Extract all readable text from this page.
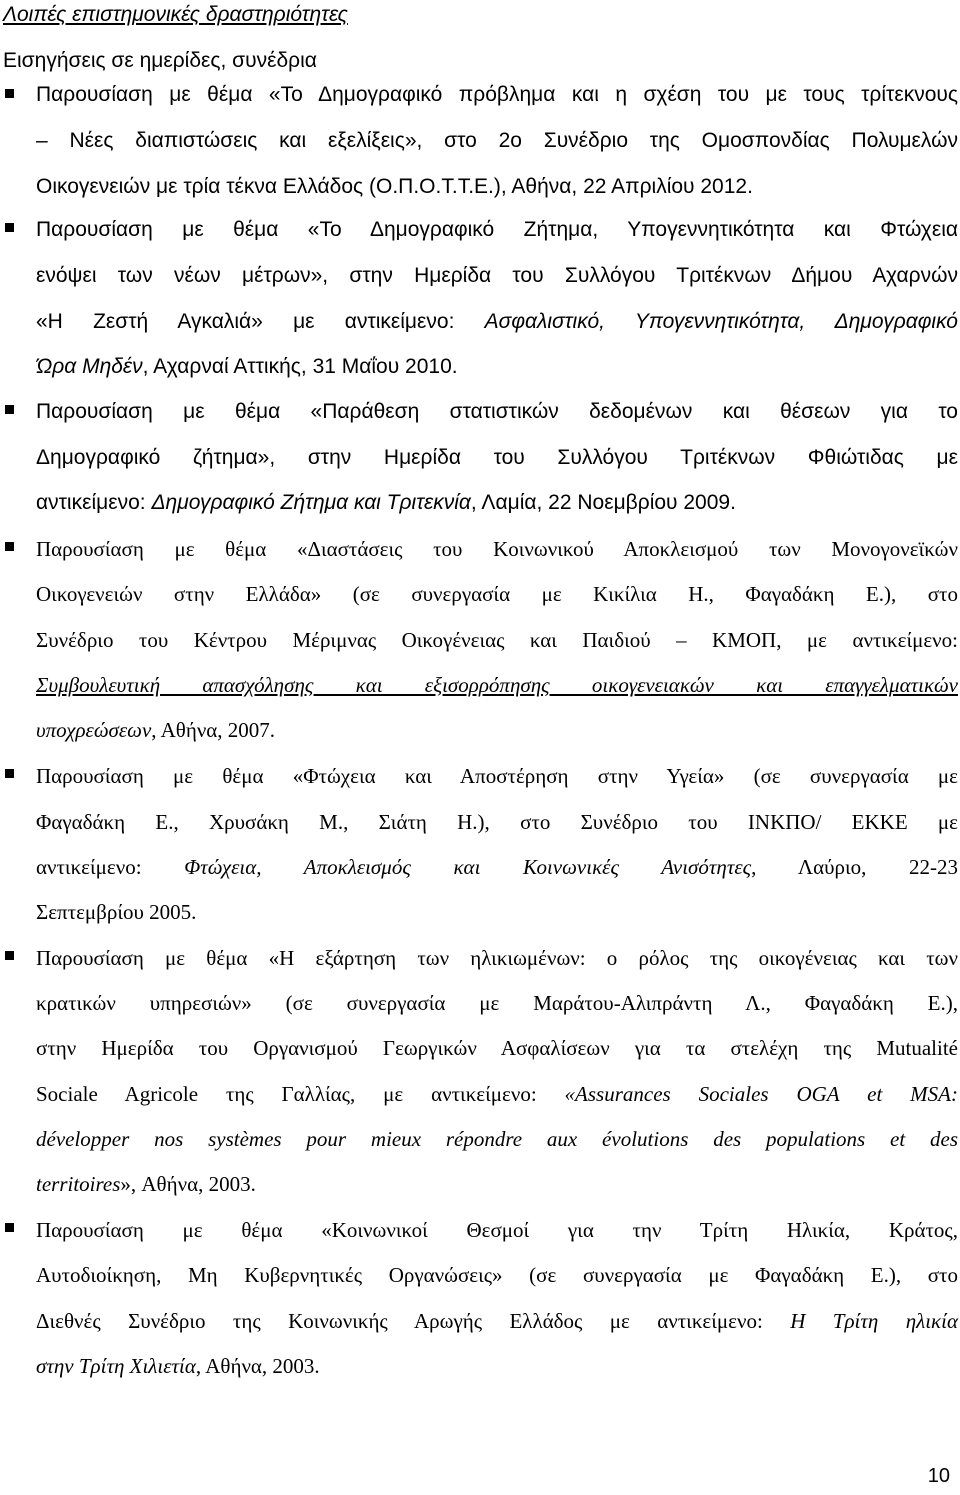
Λοιπές επιστημονικές δραστηριότητες
Εισηγήσεις σε ημερίδες, συνέδρια
Παρουσίαση με θέμα «Το Δημογραφικό πρόβλημα και η σχέση του με τους τρίτεκνους
– Νέες διαπιστώσεις και εξελίξεις», στο 2ο Συνέδριο της Ομοσπονδίας Πολυμελών
Οικογενειών με τρία τέκνα Ελλάδος (Ο.Π.Ο.Τ.Τ.Ε.), Αθήνα, 22 Απριλίου 2012.
Παρουσίαση με θέμα «Το Δημογραφικό Ζήτημα, Υπογεννητικότητα και Φτώχεια
ενόψει των νέων μέτρων», στην Ημερίδα του Συλλόγου Τριτέκνων Δήμου Αχαρνών
«Η Ζεστή Αγκαλιά» με αντικείμενο: Ασφαλιστικό, Υπογεννητικότητα, Δημογραφικό
Ώρα Μηδέν, Αχαρναί Αττικής, 31 Μαΐου 2010.
Παρουσίαση με θέμα «Παράθεση στατιστικών δεδομένων και θέσεων για το
Δημογραφικό ζήτημα», στην Ημερίδα του Συλλόγου Τριτέκνων Φθιώτιδας με
αντικείμενο: Δημογραφικό Ζήτημα και Τριτεκνία, Λαμία, 22 Νοεμβρίου 2009.
Παρουσίαση με θέμα «Διαστάσεις του Κοινωνικού Αποκλεισμού των Μονογονεϊκών
Οικογενειών στην Ελλάδα» (σε συνεργασία με Κικίλια Η., Φαγαδάκη Ε.), στο
Συνέδριο του Κέντρου Μέριμνας Οικογένειας και Παιδιού – ΚΜΟΠ, με αντικείμενο:
Συμβουλευτική απασχόλησης και εξισορρόπησης οικογενειακών και επαγγελματικών
υποχρεώσεων, Αθήνα, 2007.
Παρουσίαση με θέμα «Φτώχεια και Αποστέρηση στην Υγεία» (σε συνεργασία με
Φαγαδάκη Ε., Χρυσάκη Μ., Σιάτη Η.), στο Συνέδριο του ΙΝΚΠΟ/ ΕΚΚΕ με
αντικείμενο: Φτώχεια, Αποκλεισμός και Κοινωνικές Ανισότητες, Λαύριο, 22-23
Σεπτεμβρίου 2005.
Παρουσίαση με θέμα «Η εξάρτηση των ηλικιωμένων: ο ρόλος της οικογένειας και των
κρατικών υπηρεσιών» (σε συνεργασία με Μαράτου-Αλιπράντη Λ., Φαγαδάκη Ε.),
στην Ημερίδα του Οργανισμού Γεωργικών Ασφαλίσεων για τα στελέχη της Mutualité
Sociale Agricole της Γαλλίας, με αντικείμενο: «Assurances Sociales OGA et MSA:
développer nos systèmes pour mieux répondre aux évolutions des populations et des
territoires», Αθήνα, 2003.
Παρουσίαση με θέμα «Κοινωνικοί Θεσμοί για την Τρίτη Ηλικία, Κράτος,
Αυτοδιοίκηση, Μη Κυβερνητικές Οργανώσεις» (σε συνεργασία με Φαγαδάκη Ε.), στο
Διεθνές Συνέδριο της Κοινωνικής Αρωγής Ελλάδος με αντικείμενο: Η Τρίτη ηλικία
στην Τρίτη Χιλιετία, Αθήνα, 2003.
10
